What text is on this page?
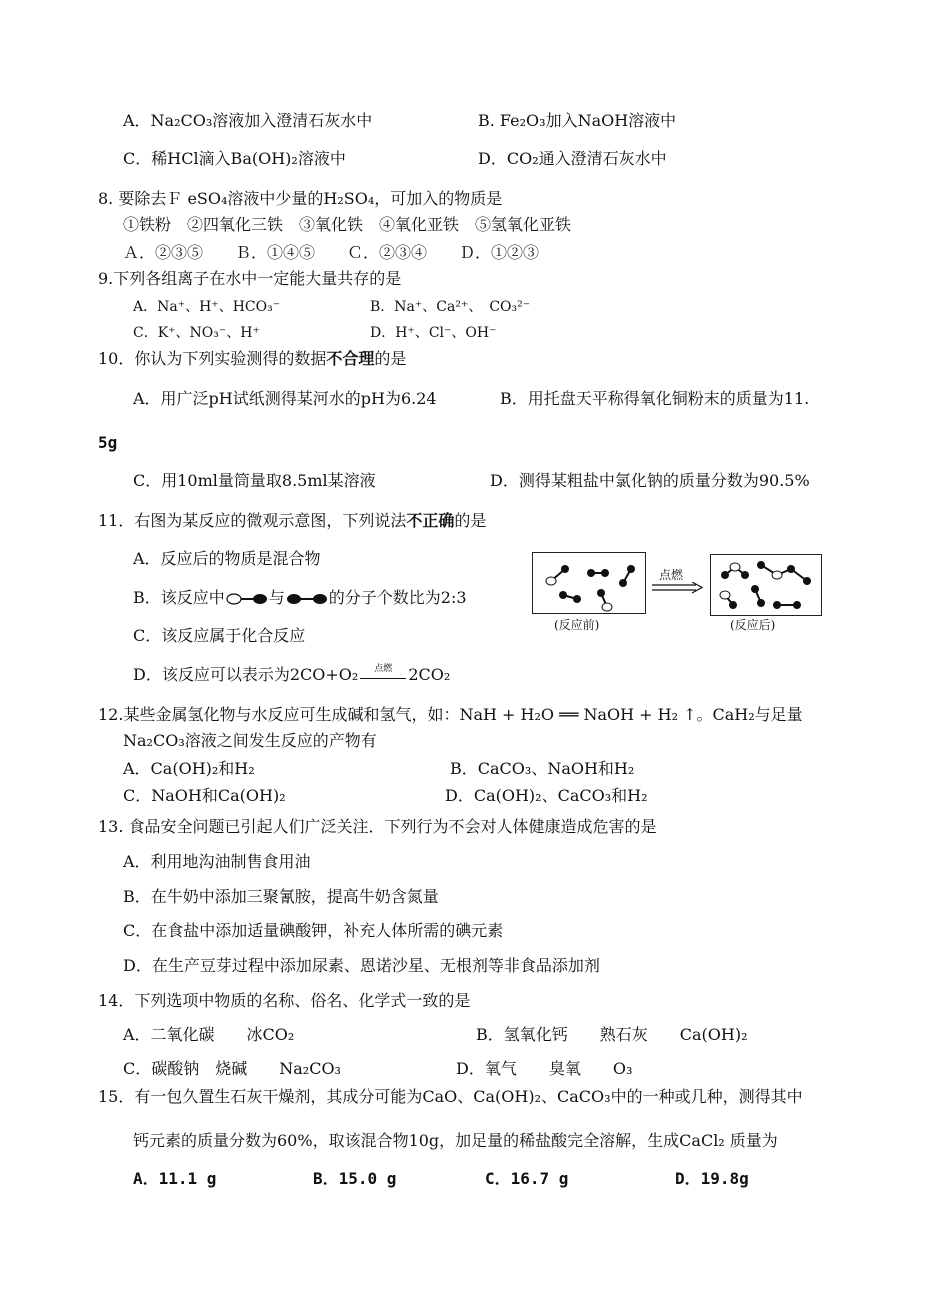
A．Na₂CO₃溶液加入澄清石灰水中	B. Fe₂O₃加入NaOH溶液中
C．稀HCl滴入Ba(OH)₂溶液中	D．CO₂通入澄清石灰水中
8. 要除去Ｆ eSO₄溶液中少量的H₂SO₄，可加入的物质是
①铁粉　②四氧化三铁　③氧化铁　④氧化亚铁　⑤氢氧化亚铁
Ａ．②③⑤　　Ｂ．①④⑤　　Ｃ．②③④　　Ｄ．①②③
9.下列各组离子在水中一定能大量共存的是
A．Na⁺、H⁺、HCO₃⁻	B．Na⁺、Ca²⁺、　CO₃²⁻
C．K⁺、NO₃⁻、H⁺	D．H⁺、Cl⁻、OH⁻
10．你认为下列实验测得的数据不合理的是
A．用广泛pH试纸测得某河水的pH为6.24	B．用托盘天平称得氧化铜粉末的质量为11.
5g
C．用10ml量筒量取8.5ml某溶液	D．测得某粗盐中氯化钠的质量分数为90.5%
11．右图为某反应的微观示意图，下列说法不正确的是
A．反应后的物质是混合物
B．该反应中	与	的分子个数比为2:3
C．该反应属于化合反应
D．该反应可以表示为2CO+O₂	点燃	2CO₂
(反应前)
点燃
(反应后)
12.某些金属氢化物与水反应可生成碱和氢气，如：NaH + H₂O ══ NaOH + H₂ ↑。CaH₂与足量
Na₂CO₃溶液之间发生反应的产物有
A．Ca(OH)₂和H₂	B．CaCO₃、NaOH和H₂
C．NaOH和Ca(OH)₂	D．Ca(OH)₂、CaCO₃和H₂
13. 食品安全问题已引起人们广泛关注．下列行为不会对人体健康造成危害的是
A．利用地沟油制售食用油
B．在牛奶中添加三聚氰胺，提高牛奶含氮量
C．在食盐中添加适量碘酸钾，补充人体所需的碘元素
D．在生产豆芽过程中添加尿素、恩诺沙星、无根剂等非食品添加剂
14．下列选项中物质的名称、俗名、化学式一致的是
A．二氧化碳　　冰CO₂	B．氢氧化钙　　熟石灰　　Ca(OH)₂
C．碳酸钠　烧碱　　Na₂CO₃	D．氧气　　臭氧　　O₃
15．有一包久置生石灰干燥剂，其成分可能为CaO、Ca(OH)₂、CaCO₃中的一种或几种，测得其中
钙元素的质量分数为60%，取该混合物10g，加足量的稀盐酸完全溶解，生成CaCl₂ 质量为
A．11.1 g	B．15.0 g	C．16.7 g	D．19.8g
